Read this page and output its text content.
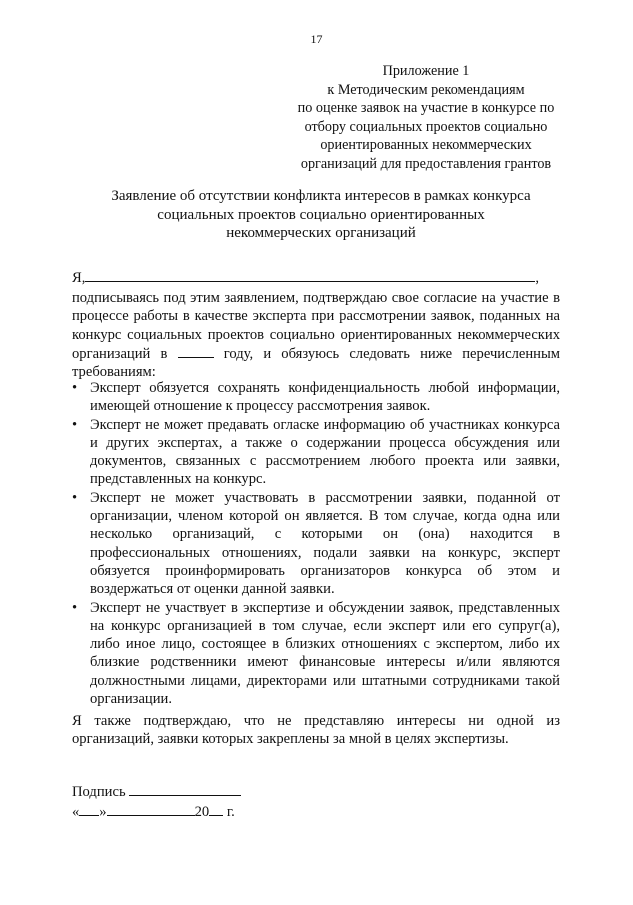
17
Приложение 1
к Методическим рекомендациям
по оценке заявок на участие в конкурсе по
отбору социальных проектов социально
ориентированных некоммерческих
организаций для предоставления грантов
Заявление об отсутствии конфликта интересов в рамках конкурса
социальных проектов социально ориентированных
некоммерческих организаций
Я,	,
подписываясь под этим заявлением, подтверждаю свое согласие на участие в процессе работы в качестве эксперта при рассмотрении заявок, поданных на конкурс социальных проектов социально ориентированных некоммерческих организаций в	году, и обязуюсь следовать ниже перечисленным требованиям:
• Эксперт обязуется сохранять конфиденциальность любой информации, имеющей отношение к процессу рассмотрения заявок.
• Эксперт не может предавать огласке информацию об участниках конкурса и других экспертах, а также о содержании процесса обсуждения или документов, связанных с рассмотрением любого проекта или заявки, представленных на конкурс.
• Эксперт не может участвовать в рассмотрении заявки, поданной от организации, членом которой он является. В том случае, когда одна или несколько организаций, с которыми он (она) находится в профессиональных отношениях, подали заявки на конкурс, эксперт обязуется проинформировать организаторов конкурса об этом и воздержаться от оценки данной заявки.
• Эксперт не участвует в экспертизе и обсуждении заявок, представленных на конкурс организацией в том случае, если эксперт или его супруг(а), либо иное лицо, состоящее в близких отношениях с экспертом, либо их близкие родственники имеют финансовые интересы и/или являются должностными лицами, директорами или штатными сотрудниками такой организации.
Я также подтверждаю, что не представляю интересы ни одной из организаций, заявки которых закреплены за мной в целях экспертизы.
Подпись
« »	20 г.
